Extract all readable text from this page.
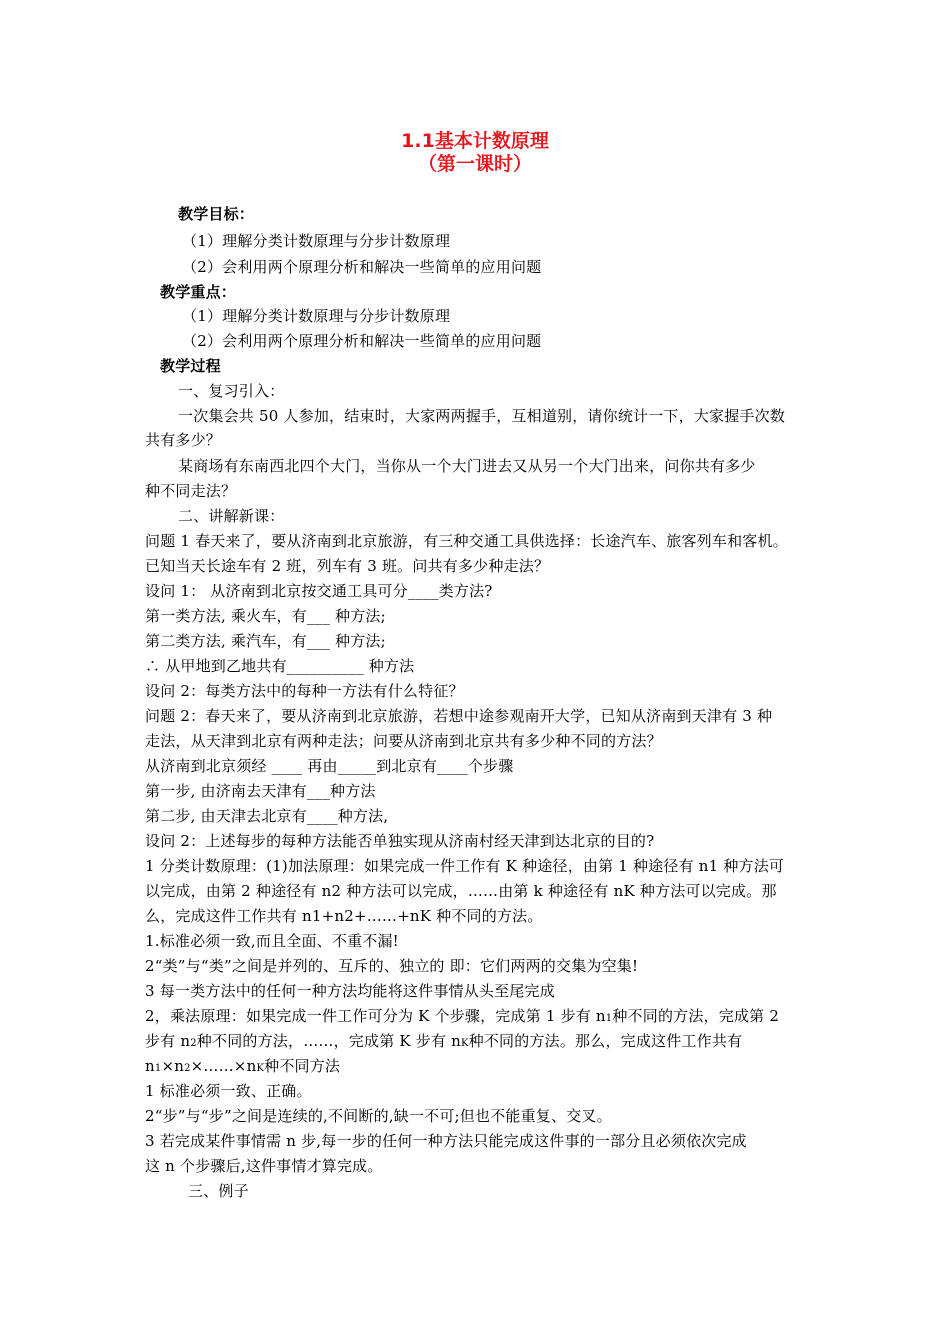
1.1基本计数原理
（第一课时）
教学目标：
（1）理解分类计数原理与分步计数原理
（2）会利用两个原理分析和解决一些简单的应用问题
教学重点：
（1）理解分类计数原理与分步计数原理
（2）会利用两个原理分析和解决一些简单的应用问题
教学过程
一、复习引入：
一次集会共 50 人参加，结束时，大家两两握手，互相道别，请你统计一下，大家握手次数
共有多少？
某商场有东南西北四个大门，当你从一个大门进去又从另一个大门出来，问你共有多少
种不同走法？
二、讲解新课：
问题 1 春天来了，要从济南到北京旅游，有三种交通工具供选择：长途汽车、旅客列车和客机。
已知当天长途车有 2 班，列车有 3 班。问共有多少种走法？
设问 1： 从济南到北京按交通工具可分____类方法?
第一类方法, 乘火车，有___ 种方法;
第二类方法, 乘汽车，有___ 种方法;
∴ 从甲地到乙地共有__________ 种方法
设问 2：每类方法中的每种一方法有什么特征？
问题 2：春天来了，要从济南到北京旅游，若想中途参观南开大学，已知从济南到天津有 3 种
走法，从天津到北京有两种走法；问要从济南到北京共有多少种不同的方法？
从济南到北京须经 ____ 再由_____到北京有____个步骤
第一步, 由济南去天津有___种方法
第二步, 由天津去北京有____种方法,
设问 2：上述每步的每种方法能否单独实现从济南村经天津到达北京的目的?
1 分类计数原理：(1)加法原理：如果完成一件工作有 K 种途径，由第 1 种途径有 n1 种方法可
以完成，由第 2 种途径有 n2 种方法可以完成，……由第 k 种途径有 nK 种方法可以完成。那
么，完成这件工作共有 n1+n2+……+nK 种不同的方法。
1.标准必须一致,而且全面、不重不漏!
2“类”与“类”之间是并列的、互斥的、独立的 即：它们两两的交集为空集!
3 每一类方法中的任何一种方法均能将这件事情从头至尾完成
2，乘法原理：如果完成一件工作可分为 K 个步骤，完成第 1 步有 n1种不同的方法，完成第 2
步有 n2种不同的方法，……，完成第 K 步有 nK种不同的方法。那么，完成这件工作共有
n1×n2×……×nK种不同方法
1 标准必须一致、正确。
2“步”与“步”之间是连续的,不间断的,缺一不可;但也不能重复、交叉。
3 若完成某件事情需 n 步,每一步的任何一种方法只能完成这件事的一部分且必须依次完成
这 n 个步骤后,这件事情才算完成。
三、例子
